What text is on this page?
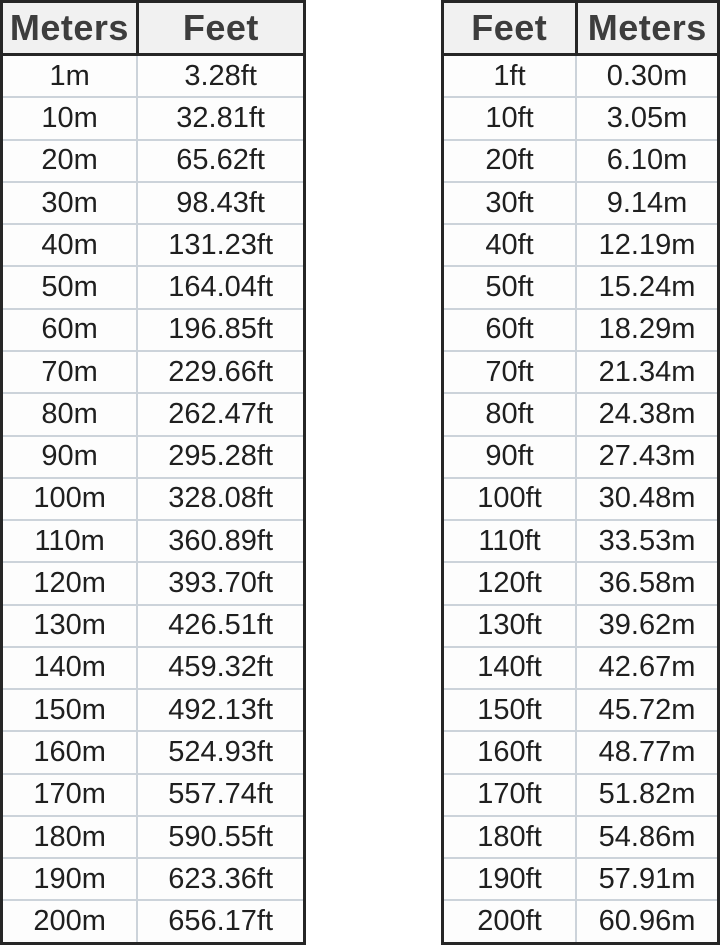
Meters	Feet
1m	3.28ft
10m	32.81ft
20m	65.62ft
30m	98.43ft
40m	131.23ft
50m	164.04ft
60m	196.85ft
70m	229.66ft
80m	262.47ft
90m	295.28ft
100m	328.08ft
110m	360.89ft
120m	393.70ft
130m	426.51ft
140m	459.32ft
150m	492.13ft
160m	524.93ft
170m	557.74ft
180m	590.55ft
190m	623.36ft
200m	656.17ft
Feet	Meters
1ft	0.30m
10ft	3.05m
20ft	6.10m
30ft	9.14m
40ft	12.19m
50ft	15.24m
60ft	18.29m
70ft	21.34m
80ft	24.38m
90ft	27.43m
100ft	30.48m
110ft	33.53m
120ft	36.58m
130ft	39.62m
140ft	42.67m
150ft	45.72m
160ft	48.77m
170ft	51.82m
180ft	54.86m
190ft	57.91m
200ft	60.96m
